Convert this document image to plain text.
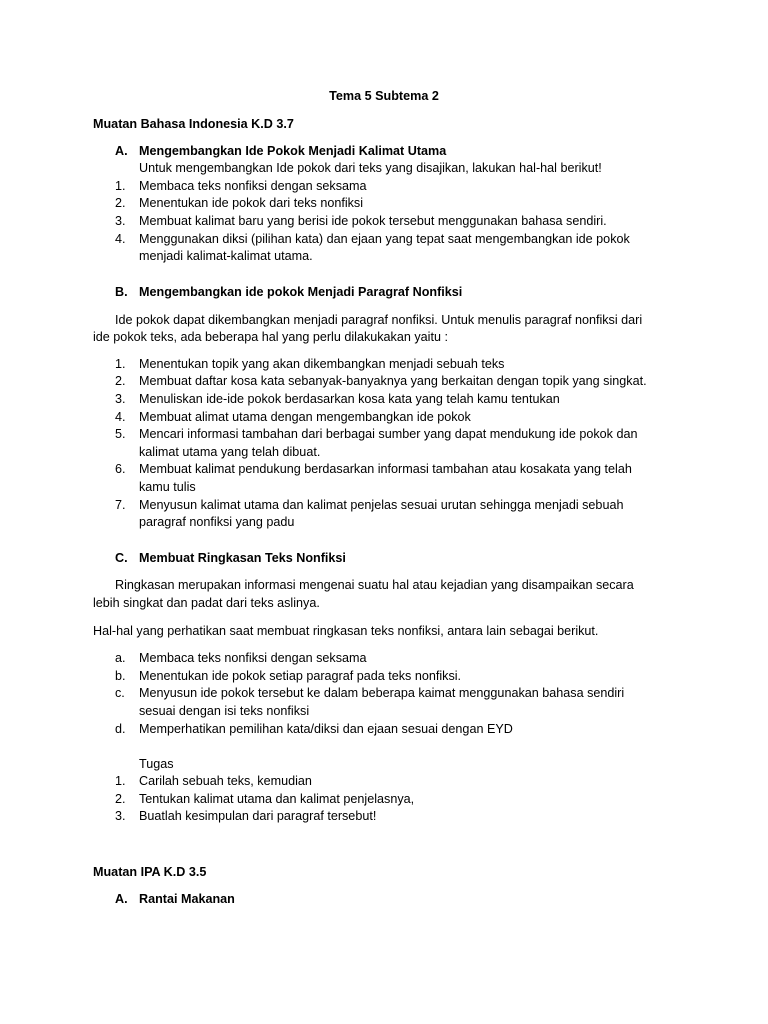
Tema 5 Subtema 2
Muatan Bahasa Indonesia K.D 3.7
A. Mengembangkan Ide Pokok Menjadi Kalimat Utama
Untuk mengembangkan Ide pokok dari teks yang disajikan, lakukan hal-hal berikut!
1. Membaca teks nonfiksi dengan seksama
2. Menentukan ide pokok dari teks nonfiksi
3. Membuat kalimat baru yang berisi ide pokok tersebut menggunakan bahasa sendiri.
4. Menggunakan diksi (pilihan kata) dan ejaan yang tepat saat mengembangkan ide pokok
menjadi kalimat-kalimat utama.
B. Mengembangkan ide pokok Menjadi Paragraf Nonfiksi
Ide pokok dapat dikembangkan menjadi paragraf nonfiksi. Untuk menulis paragraf nonfiksi dari
ide pokok teks, ada beberapa hal yang perlu dilakukakan yaitu :
1. Menentukan topik yang akan dikembangkan menjadi sebuah teks
2. Membuat daftar kosa kata sebanyak-banyaknya yang berkaitan dengan topik yang singkat.
3. Menuliskan ide-ide pokok berdasarkan kosa kata yang telah kamu tentukan
4. Membuat alimat utama dengan mengembangkan ide pokok
5. Mencari informasi tambahan dari berbagai sumber yang dapat mendukung ide pokok dan
kalimat utama yang telah dibuat.
6. Membuat kalimat pendukung berdasarkan informasi tambahan atau kosakata yang telah
kamu tulis
7. Menyusun kalimat utama dan kalimat penjelas sesuai urutan sehingga menjadi sebuah
paragraf nonfiksi yang padu
C. Membuat Ringkasan Teks Nonfiksi
Ringkasan merupakan informasi mengenai suatu hal atau kejadian yang disampaikan secara
lebih singkat dan padat dari teks aslinya.
Hal-hal yang perhatikan saat membuat ringkasan teks nonfiksi, antara lain sebagai berikut.
a. Membaca teks nonfiksi dengan seksama
b. Menentukan ide pokok setiap paragraf pada teks nonfiksi.
c. Menyusun ide pokok tersebut ke dalam beberapa kaimat menggunakan bahasa sendiri
sesuai dengan isi teks nonfiksi
d. Memperhatikan pemilihan kata/diksi dan ejaan sesuai dengan EYD
Tugas
1. Carilah sebuah teks, kemudian
2. Tentukan kalimat utama dan kalimat penjelasnya,
3. Buatlah kesimpulan dari paragraf tersebut!
Muatan IPA K.D 3.5
A. Rantai Makanan
